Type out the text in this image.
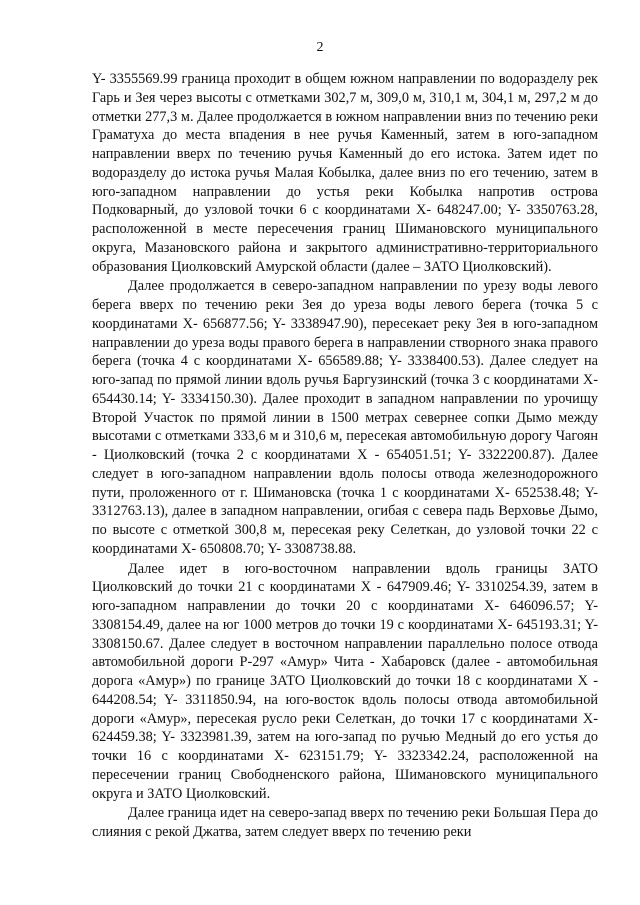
2

Y- 3355569.99 граница проходит в общем южном направлении по водоразделу рек Гарь и Зея через высоты с отметками 302,7 м, 309,0 м, 310,1 м, 304,1 м, 297,2 м до отметки 277,3 м. Далее продолжается в южном направлении вниз по течению реки Граматуха до места впадения в нее ручья Каменный, затем в юго-западном направлении вверх по течению ручья Каменный до его истока. Затем идет по водоразделу до истока ручья Малая Кобылка, далее вниз по его течению, затем в юго-западном направлении до устья реки Кобылка напротив острова Подковарный, до узловой точки 6 с координатами X- 648247.00; Y- 3350763.28, расположенной в месте пересечения границ Шимановского муниципального округа, Мазановского района и закрытого административно-территориального образования Циолковский Амурской области (далее – ЗАТО Циолковский).

Далее продолжается в северо-западном направлении по урезу воды левого берега вверх по течению реки Зея до уреза воды левого берега (точка 5 с координатами X- 656877.56; Y- 3338947.90), пересекает реку Зея в юго-западном направлении до уреза воды правого берега в направлении створного знака правого берега (точка 4 с координатами X- 656589.88; Y- 3338400.53). Далее следует на юго-запад по прямой линии вдоль ручья Баргузинский (точка 3 с координатами X- 654430.14; Y- 3334150.30). Далее проходит в западном направлении по урочищу Второй Участок по прямой линии в 1500 метрах севернее сопки Дымо между высотами с отметками 333,6 м и 310,6 м, пересекая автомобильную дорогу Чагоян - Циолковский (точка 2 с координатами X - 654051.51; Y- 3322200.87). Далее следует в юго-западном направлении вдоль полосы отвода железнодорожного пути, проложенного от г. Шимановска (точка 1 с координатами X- 652538.48; Y- 3312763.13), далее в западном направлении, огибая с севера падь Верховье Дымо, по высоте с отметкой 300,8 м, пересекая реку Селеткан, до узловой точки 22 с координатами X- 650808.70; Y- 3308738.88.

Далее идет в юго-восточном направлении вдоль границы ЗАТО Циолковский до точки 21 с координатами X - 647909.46; Y- 3310254.39, затем в юго-западном направлении до точки 20 с координатами X- 646096.57; Y- 3308154.49, далее на юг 1000 метров до точки 19 с координатами X- 645193.31; Y- 3308150.67. Далее следует в восточном направлении параллельно полосе отвода автомобильной дороги Р-297 «Амур» Чита - Хабаровск (далее - автомобильная дорога «Амур») по границе ЗАТО Циолковский до точки 18 с координатами X - 644208.54; Y- 3311850.94, на юго-восток вдоль полосы отвода автомобильной дороги «Амур», пересекая русло реки Селеткан, до точки 17 с координатами X- 624459.38; Y- 3323981.39, затем на юго-запад по ручью Медный до его устья до точки 16 с координатами X- 623151.79; Y- 3323342.24, расположенной на пересечении границ Свободненского района, Шимановского муниципального округа и ЗАТО Циолковский.

Далее граница идет на северо-запад вверх по течению реки Большая Пера до слияния с рекой Джатва, затем следует вверх по течению реки
